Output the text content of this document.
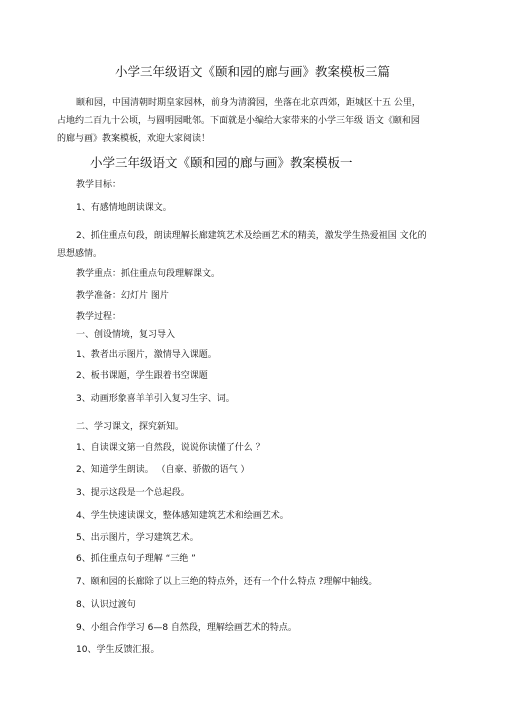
小学三年级语文《颐和园的廊与画》教案模板三篇
颐和园，中国清朝时期皇家园林，前身为清漪园，坐落在北京西郊，距城区十五 公里，
占地约二百九十公顷，与圆明园毗邻。下面就是小编给大家带来的小学三年级 语文《颐和园
的廊与画》教案模板，欢迎大家阅读！
小学三年级语文《颐和园的廊与画》教案模板一
教学目标：
1、有感情地朗读课文。
2、抓住重点句段，朗读理解长廊建筑艺术及绘画艺术的精美，激发学生热爱祖国 文化的
思想感情。
教学重点：抓住重点句段理解课文。
教学准备：幻灯片 图片
教学过程：
一、创设情境，复习导入
1、教者出示图片，激情导入课题。
2、板书课题，学生跟着书空课题
3、动画形象喜羊羊引入复习生字、词。
二、学习课文，探究新知。
1、自读课文第一自然段，说说你读懂了什么 ？
2、知道学生朗读。 （自豪、骄傲的语气 ）
3、提示这段是一个总起段。
4、学生快速读课文，整体感知建筑艺术和绘画艺术。
5、出示图片，学习建筑艺术。
6、抓住重点句子理解 “三绝 ”
7、颐和园的长廊除了以上三绝的特点外，还有一个什么特点 ?理解中轴线。
8、认识过渡句
9、小组合作学习 6—8 自然段，理解绘画艺术的特点。
10、学生反馈汇报。
